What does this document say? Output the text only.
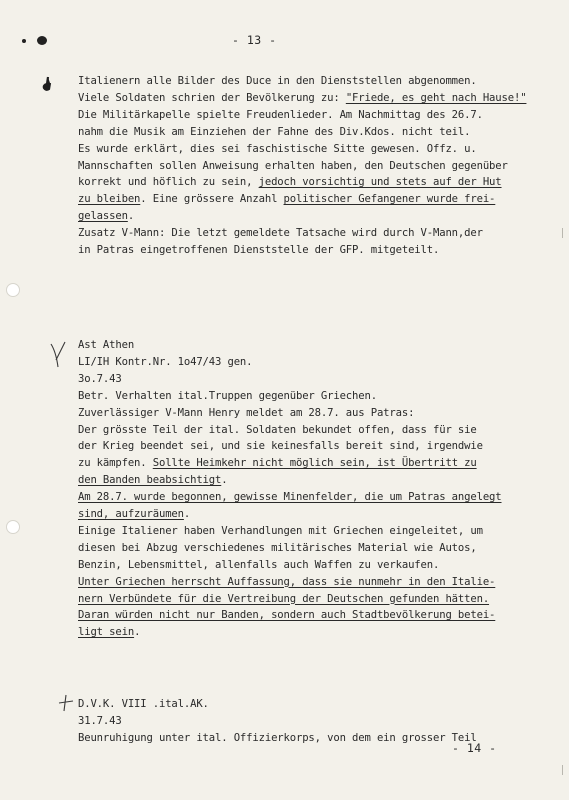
- 13 -
Italienern alle Bilder des Duce in den Dienststellen abgenommen.
Viele Soldaten schrien der Bevölkerung zu: "Friede, es geht nach Hause!"
Die Militärkapelle spielte Freudenlieder. Am Nachmittag des 26.7.
nahm die Musik am Einziehen der Fahne des Div.Kdos. nicht teil.
Es wurde erklärt, dies sei faschistische Sitte gewesen. Offz. u.
Mannschaften sollen Anweisung erhalten haben, den Deutschen gegenüber
korrekt und höflich zu sein, jedoch vorsichtig und stets auf der Hut
zu bleiben. Eine grössere Anzahl politischer Gefangener wurde frei-
gelassen.
Zusatz V-Mann: Die letzt gemeldete Tatsache wird durch V-Mann,der
in Patras eingetroffenen Dienststelle der GFP. mitgeteilt.
Ast Athen
LI/IH Kontr.Nr. 1o47/43 gen.
3o.7.43
Betr. Verhalten ital.Truppen gegenüber Griechen.
Zuverlässiger V-Mann Henry meldet am 28.7. aus Patras:
Der grösste Teil der ital. Soldaten bekundet offen, dass für sie
der Krieg beendet sei, und sie keinesfalls bereit sind, irgendwie
zu kämpfen. Sollte Heimkehr nicht möglich sein, ist Übertritt zu
den Banden beabsichtigt.
Am 28.7. wurde begonnen, gewisse Minenfelder, die um Patras angelegt
sind, aufzuräumen.
Einige Italiener haben Verhandlungen mit Griechen eingeleitet, um
diesen bei Abzug verschiedenes militärisches Material wie Autos,
Benzin, Lebensmittel, allenfalls auch Waffen zu verkaufen.
Unter Griechen herrscht Auffassung, dass sie nunmehr in den Italie-
nern Verbündete für die Vertreibung der Deutschen gefunden hätten.
Daran würden nicht nur Banden, sondern auch Stadtbevölkerung betei-
ligt sein.
D.V.K. VIII .ital.AK.
31.7.43
Beunruhigung unter ital. Offizierkorps, von dem ein grosser Teil
- 14 -
